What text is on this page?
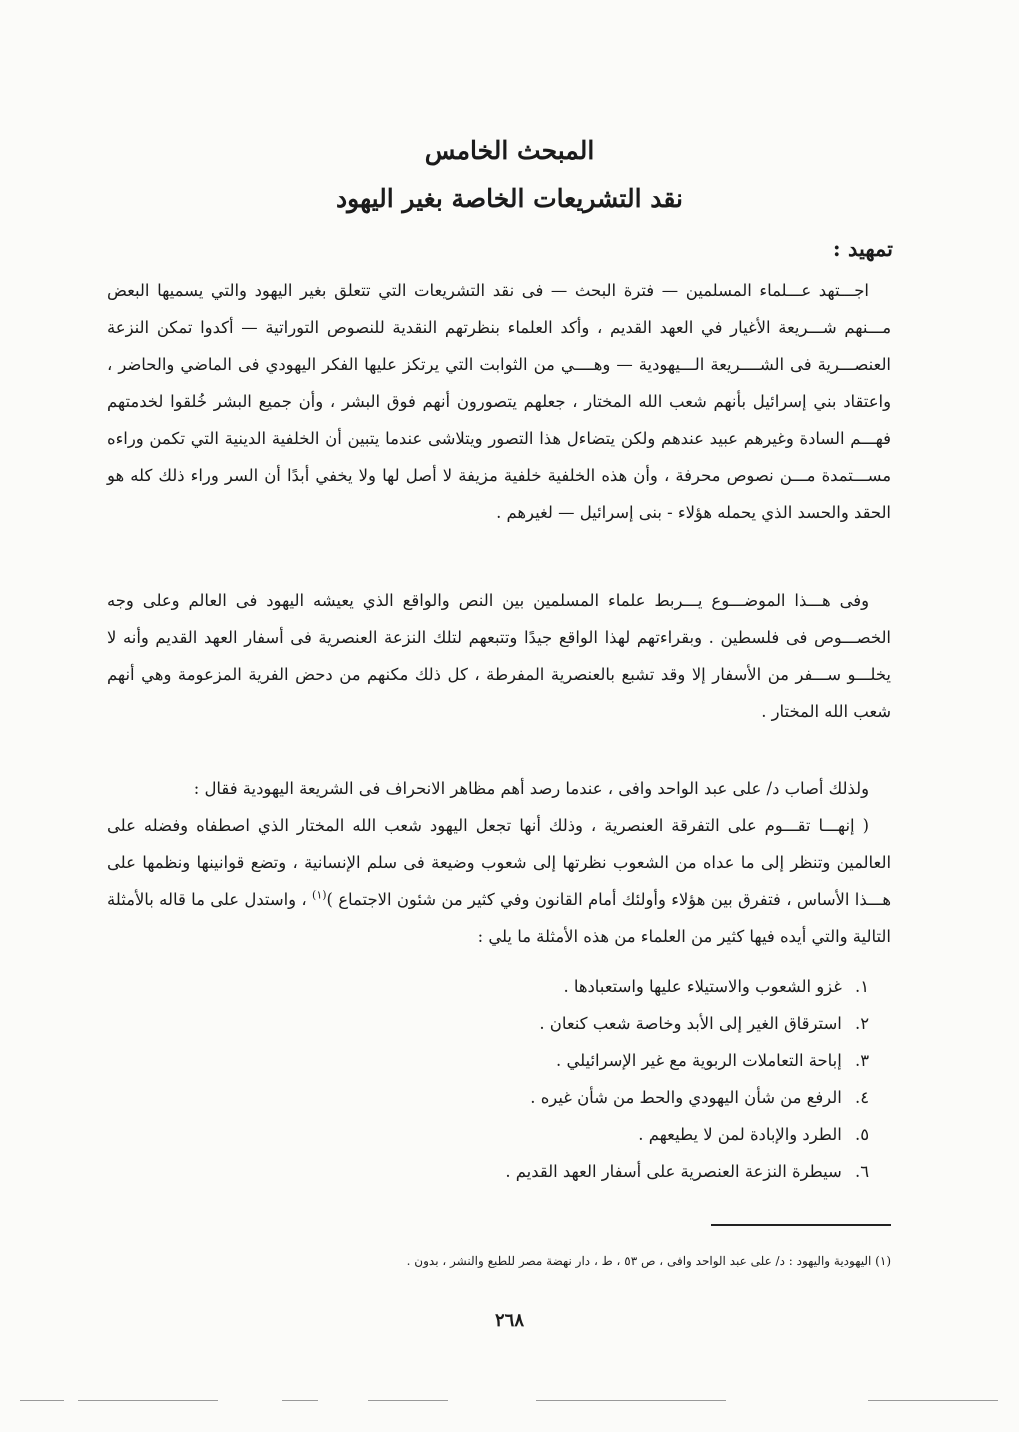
المبحث الخامس
نقد التشريعات الخاصة بغير اليهود
تمهيد :
اجـــتهد عـــلماء المسلمين — فترة البحث — فى نقد التشريعات التي تتعلق بغير اليهود والتي يسميها البعض مـــنهم شـــريعة الأغيار في العهد القديم ، وأكد العلماء بنظرتهم النقدية للنصوص التوراتية — أكدوا تمكن النزعة العنصـــرية فى الشــــريعة الـــيهودية — وهــــي من الثوابت التي يرتكز عليها الفكر اليهودي فى الماضي والحاضر ، واعتقاد بني إسرائيل بأنهم شعب الله المختار ، جعلهم يتصورون أنهم فوق البشر ، وأن جميع البشر خُلقوا لخدمتهم فهـــم السادة وغيرهم عبيد عندهم ولكن يتضاءل هذا التصور ويتلاشى عندما يتبين أن الخلفية الدينية التي تكمن وراءه مســـتمدة مـــن نصوص محرفة ، وأن هذه الخلفية خلفية مزيفة لا أصل لها ولا يخفي أبدًا أن السر وراء ذلك كله هو الحقد والحسد الذي يحمله هؤلاء - بنى إسرائيل — لغيرهم .
وفى هـــذا الموضـــوع يـــربط علماء المسلمين بين النص والواقع الذي يعيشه اليهود فى العالم وعلى وجه الخصـــوص فى فلسطين . وبقراءتهم لهذا الواقع جيدًا وتتبعهم لتلك النزعة العنصرية فى أسفار العهد القديم وأنه لا يخلـــو ســـفر من الأسفار إلا وقد تشبع بالعنصرية المفرطة ، كل ذلك مكنهم من دحض الفرية المزعومة وهي أنهم شعب الله المختار .
ولذلك أصاب د/ على عبد الواحد وافى ، عندما رصد أهم مظاهر الانحراف فى الشريعة اليهودية فقال :
( إنهـــا تقـــوم على التفرقة العنصرية ، وذلك أنها تجعل اليهود شعب الله المختار الذي اصطفاه وفضله على العالمين وتنظر إلى ما عداه من الشعوب نظرتها إلى شعوب وضيعة فى سلم الإنسانية ، وتضع قوانينها ونظمها على هـــذا الأساس ، فتفرق بين هؤلاء وأولئك أمام القانون وفي كثير من شئون الاجتماع )$^{(١)}$ ، واستدل على ما قاله بالأمثلة التالية والتي أيده فيها كثير من العلماء من هذه الأمثلة ما يلي :
١. غزو الشعوب والاستيلاء عليها واستعبادها .
٢. استرقاق الغير إلى الأبد وخاصة شعب كنعان .
٣. إباحة التعاملات الربوية مع غير الإسرائيلي .
٤. الرفع من شأن اليهودي والحط من شأن غيره .
٥. الطرد والإبادة لمن لا يطيعهم .
٦. سيطرة النزعة العنصرية على أسفار العهد القديم .
(١) اليهودية واليهود : د/ على عبد الواحد وافى ، ص ٥٣ ، ط ، دار نهضة مصر للطبع والنشر ، بدون .
٢٦٨
